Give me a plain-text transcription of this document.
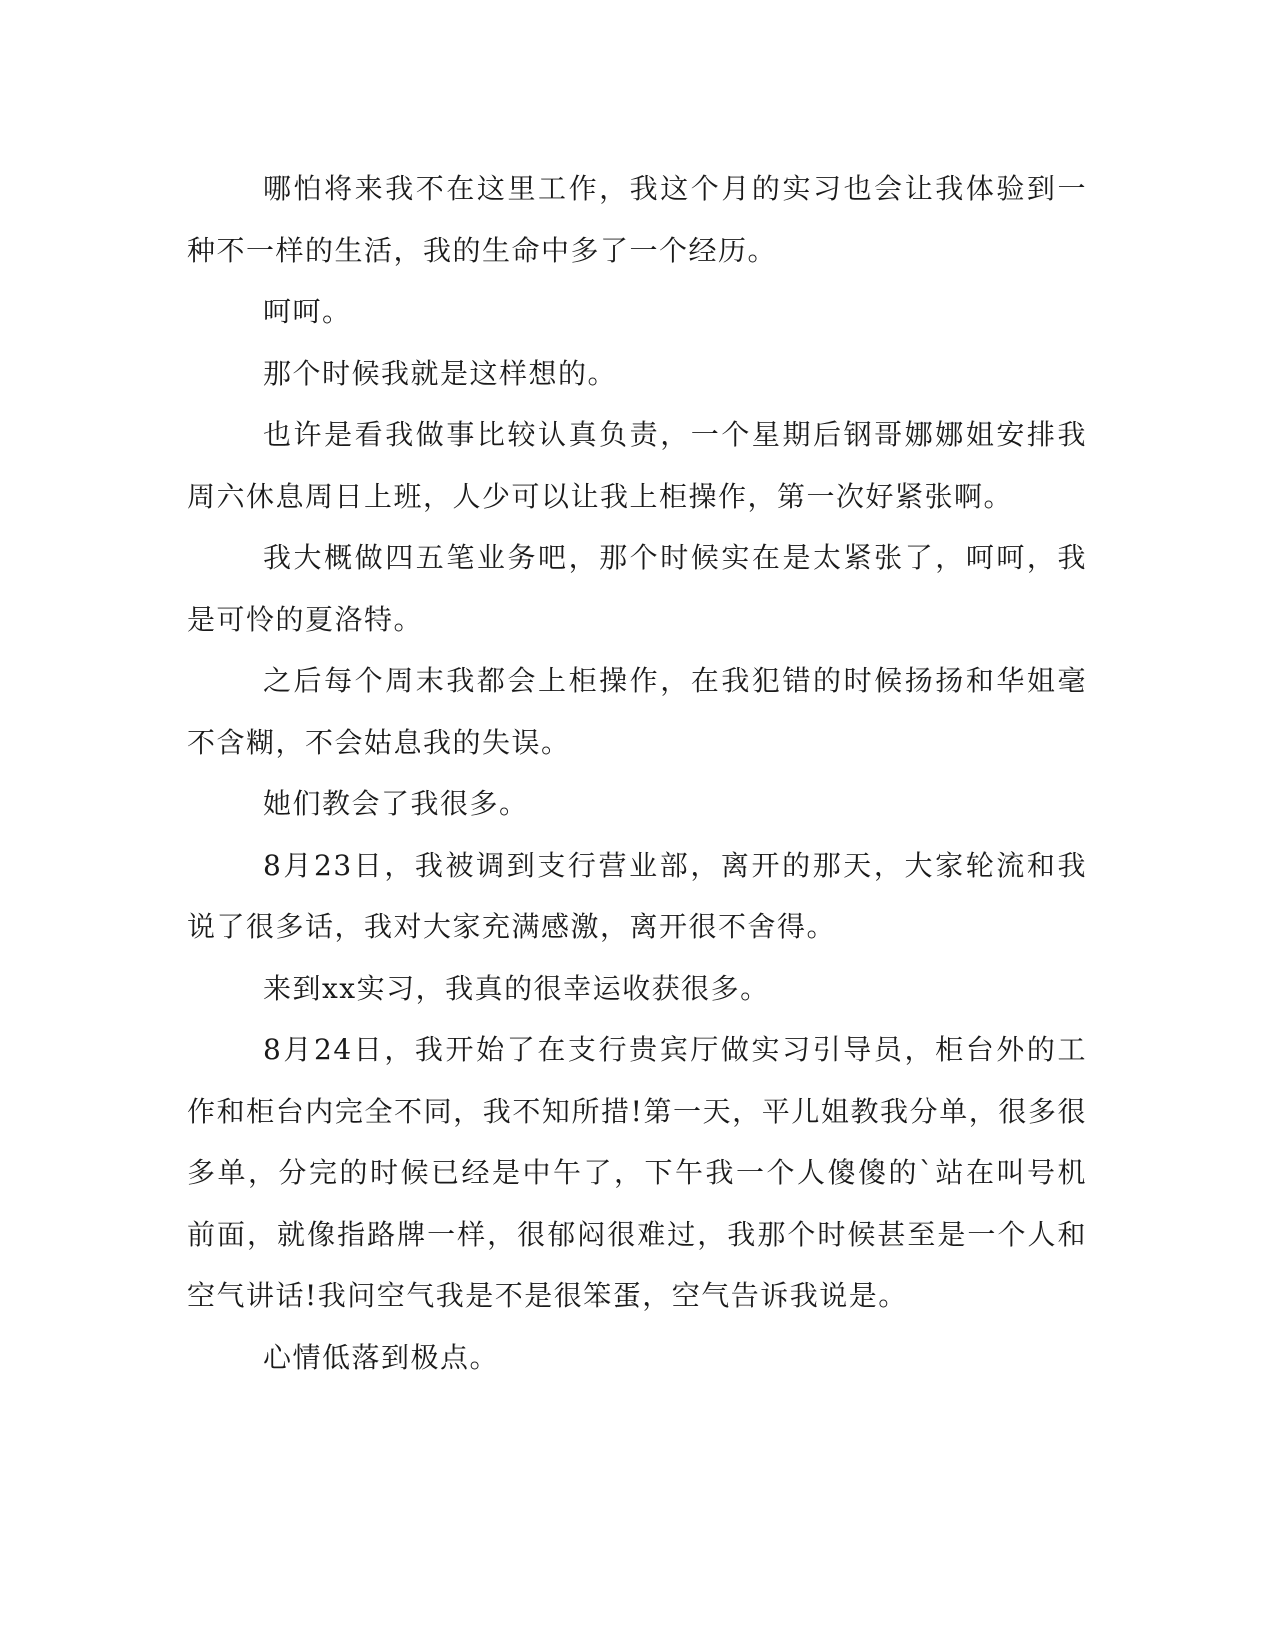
哪怕将来我不在这里工作，我这个月的实习也会让我体验到一种不一样的生活，我的生命中多了一个经历。

呵呵。

那个时候我就是这样想的。

也许是看我做事比较认真负责，一个星期后钢哥娜娜姐安排我周六休息周日上班，人少可以让我上柜操作，第一次好紧张啊。

我大概做四五笔业务吧，那个时候实在是太紧张了，呵呵，我是可怜的夏洛特。

之后每个周末我都会上柜操作，在我犯错的时候扬扬和华姐毫不含糊，不会姑息我的失误。

她们教会了我很多。

8月23日，我被调到支行营业部，离开的那天，大家轮流和我说了很多话，我对大家充满感激，离开很不舍得。

来到xx实习，我真的很幸运收获很多。

8月24日，我开始了在支行贵宾厅做实习引导员，柜台外的工作和柜台内完全不同，我不知所措!第一天，平儿姐教我分单，很多很多单，分完的时候已经是中午了，下午我一个人傻傻的`站在叫号机前面，就像指路牌一样，很郁闷很难过，我那个时候甚至是一个人和空气讲话!我问空气我是不是很笨蛋，空气告诉我说是。

心情低落到极点。
